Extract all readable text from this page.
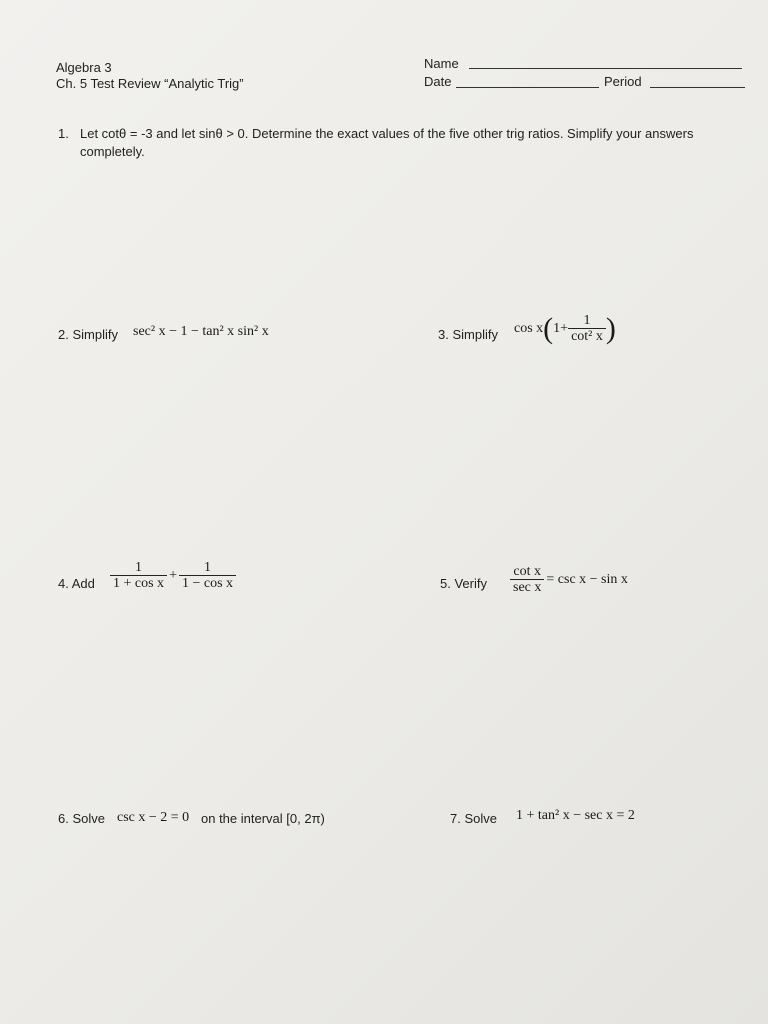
Algebra 3
Ch. 5 Test Review “Analytic Trig”
Name
Date	Period
1. Let cotθ = -3 and let sinθ > 0. Determine the exact values of the five other trig ratios. Simplify your answers
completely.
2. Simplify sec² x − 1 − tan² x sin² x	3. Simplify cos x ( $1+ \frac{1}{\text{cot² x}}$ )
4. Add $\frac{1}{\text{1 + cos x}} + \frac{1}{\text{1 − cos x}}$	5. Verify $\frac{\text{cot x}}{\text{sec x}} = \csc x - \sin x$
6. Solve csc x − 2 = 0 on the interval [0, 2π)	7. Solve 1 + tan² x − sec x = 2
